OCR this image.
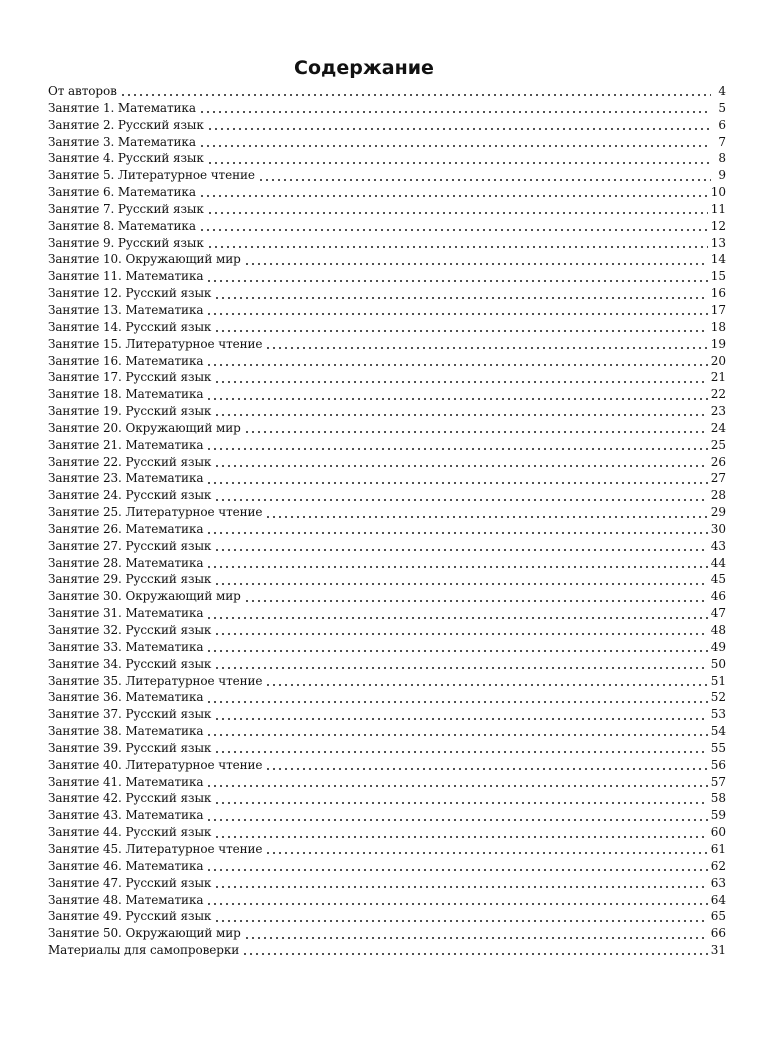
Содержание
От авторов	4
Занятие 1. Математика	5
Занятие 2. Русский язык	6
Занятие 3. Математика	7
Занятие 4. Русский язык	8
Занятие 5. Литературное чтение	9
Занятие 6. Математика	10
Занятие 7. Русский язык	11
Занятие 8. Математика	12
Занятие 9. Русский язык	13
Занятие 10. Окружающий мир	14
Занятие 11. Математика	15
Занятие 12. Русский язык	16
Занятие 13. Математика	17
Занятие 14. Русский язык	18
Занятие 15. Литературное чтение	19
Занятие 16. Математика	20
Занятие 17. Русский язык	21
Занятие 18. Математика	22
Занятие 19. Русский язык	23
Занятие 20. Окружающий мир	24
Занятие 21. Математика	25
Занятие 22. Русский язык	26
Занятие 23. Математика	27
Занятие 24. Русский язык	28
Занятие 25. Литературное чтение	29
Занятие 26. Математика	30
Занятие 27. Русский язык	43
Занятие 28. Математика	44
Занятие 29. Русский язык	45
Занятие 30. Окружающий мир	46
Занятие 31. Математика	47
Занятие 32. Русский язык	48
Занятие 33. Математика	49
Занятие 34. Русский язык	50
Занятие 35. Литературное чтение	51
Занятие 36. Математика	52
Занятие 37. Русский язык	53
Занятие 38. Математика	54
Занятие 39. Русский язык	55
Занятие 40. Литературное чтение	56
Занятие 41. Математика	57
Занятие 42. Русский язык	58
Занятие 43. Математика	59
Занятие 44. Русский язык	60
Занятие 45. Литературное чтение	61
Занятие 46. Математика	62
Занятие 47. Русский язык	63
Занятие 48. Математика	64
Занятие 49. Русский язык	65
Занятие 50. Окружающий мир	66
Материалы для самопроверки	31
